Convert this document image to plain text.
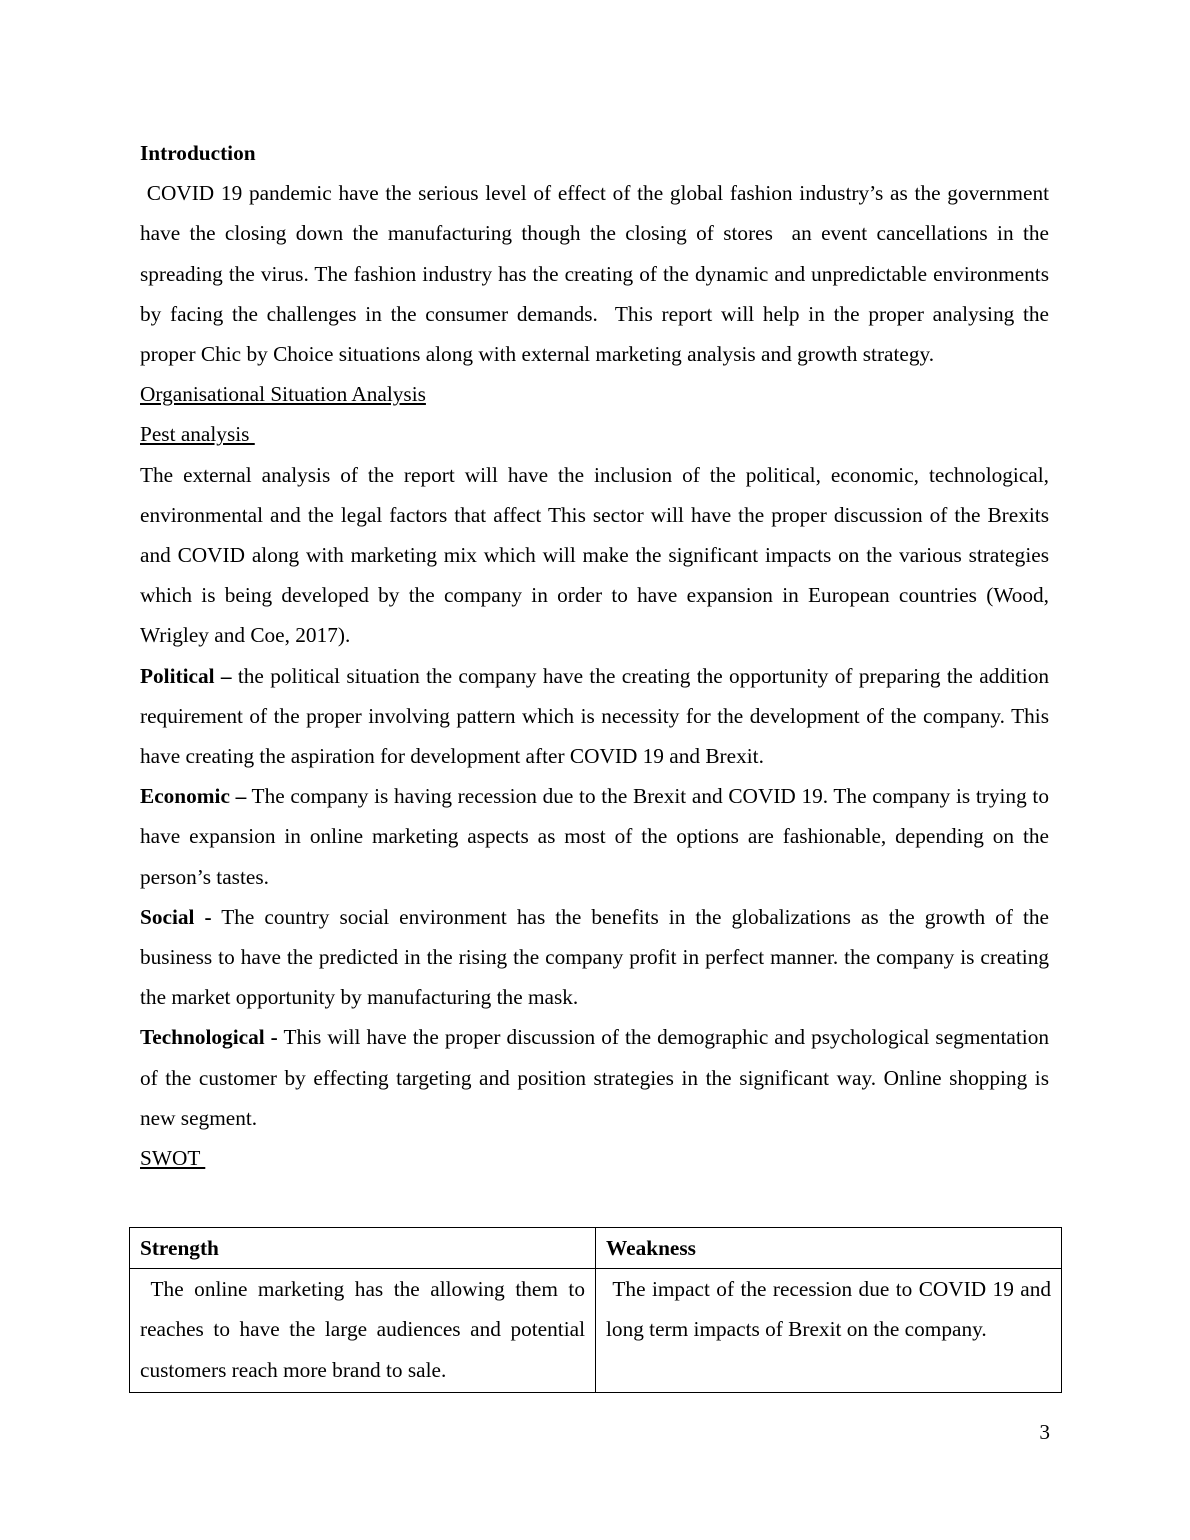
Introduction

COVID 19 pandemic have the serious level of effect of the global fashion industry’s as the government have the closing down the manufacturing though the closing of stores  an event cancellations in the spreading the virus. The fashion industry has the creating of the dynamic and unpredictable environments by facing the challenges in the consumer demands.  This report will help in the proper analysing the proper Chic by Choice situations along with external marketing analysis and growth strategy.

Organisational Situation Analysis

Pest analysis

The external analysis of the report will have the inclusion of the political, economic, technological, environmental and the legal factors that affect This sector will have the proper discussion of the Brexits and COVID along with marketing mix which will make the significant impacts on the various strategies which is being developed by the company in order to have expansion in European countries (Wood, Wrigley and Coe, 2017).

Political – the political situation the company have the creating the opportunity of preparing the addition requirement of the proper involving pattern which is necessity for the development of the company. This have creating the aspiration for development after COVID 19 and Brexit.

Economic – The company is having recession due to the Brexit and COVID 19. The company is trying to have expansion in online marketing aspects as most of the options are fashionable, depending on the person’s tastes.

Social - The country social environment has the benefits in the globalizations as the growth of the business to have the predicted in the rising the company profit in perfect manner. the company is creating the market opportunity by manufacturing the mask.

Technological - This will have the proper discussion of the demographic and psychological segmentation of the customer by effecting targeting and position strategies in the significant way. Online shopping is new segment.

SWOT

Strength	Weakness
The online marketing has the allowing them to reaches to have the large audiences and potential customers reach more brand to sale.	The impact of the recession due to COVID 19 and long term impacts of Brexit on the company.
3
